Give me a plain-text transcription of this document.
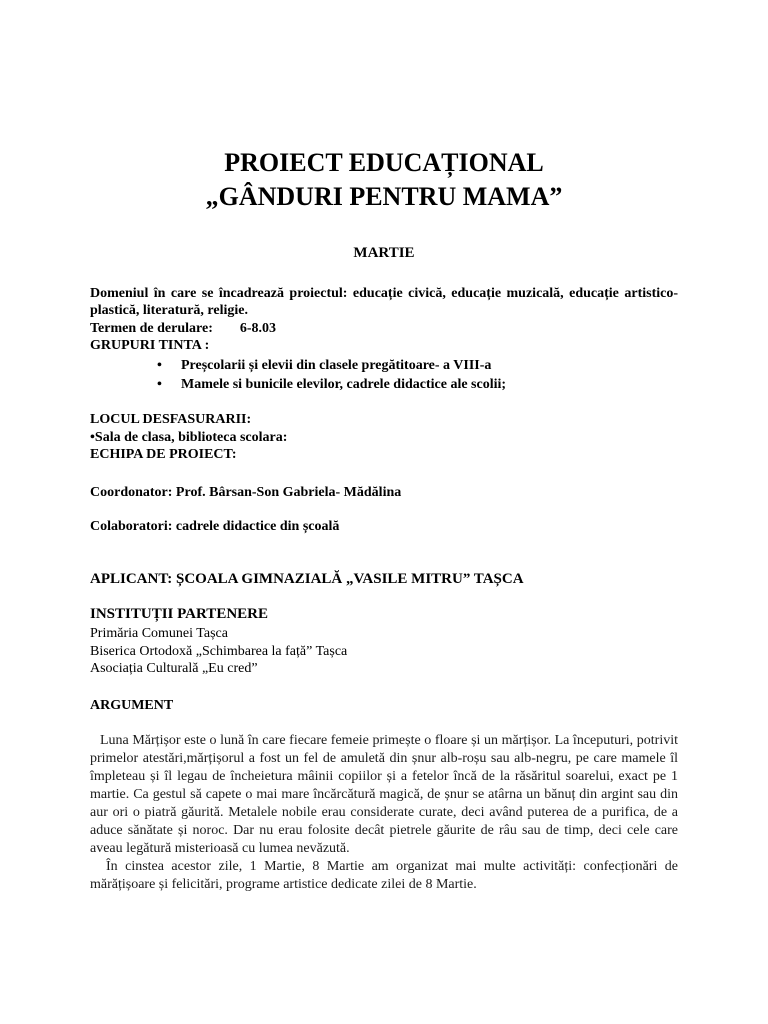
PROIECT EDUCAȚIONAL
„GÂNDURI PENTRU MAMA”
MARTIE
Domeniul în care se încadrează proiectul: educație civică, educație muzicală, educație artistico- plastică, literatură, religie.
Termen de derulare: 6-8.03
GRUPURI TINTA :
• Preșcolarii și elevii din clasele pregătitoare- a VIII-a
• Mamele si bunicile elevilor, cadrele didactice ale scolii;
LOCUL DESFASURARII:
•Sala de clasa, biblioteca scolara:
ECHIPA DE PROIECT:
Coordonator: Prof. Bârsan-Son Gabriela- Mădălina
Colaboratori: cadrele didactice din școală
APLICANT: ȘCOALA GIMNAZIALĂ „VASILE MITRU” TAȘCA
INSTITUȚII PARTENERE
Primăria Comunei Tașca
Biserica Ortodoxă „Schimbarea la față” Tașca
Asociația Culturală „Eu cred”
ARGUMENT

Luna Mărțișor este o lună în care fiecare femeie primește o floare și un mărțișor. La începuturi, potrivit primelor atestări,mărțișorul a fost un fel de amuletă din șnur alb-roșu sau alb-negru, pe care mamele îl împleteau și îl legau de încheietura mâinii copiilor și a fetelor încă de la răsăritul soarelui, exact pe 1 martie. Ca gestul să capete o mai mare încărcătură magică, de șnur se atârna un bănuț din argint sau din aur ori o piatră găurită. Metalele nobile erau considerate curate, deci având puterea de a purifica, de a aduce sănătate și noroc. Dar nu erau folosite decât pietrele găurite de râu sau de timp, deci cele care aveau legătură misterioasă cu lumea nevăzută.

În cinstea acestor zile, 1 Martie, 8 Martie am organizat mai multe activități: confecționări de mărățișoare și felicitări, programe artistice dedicate zilei de 8 Martie.
